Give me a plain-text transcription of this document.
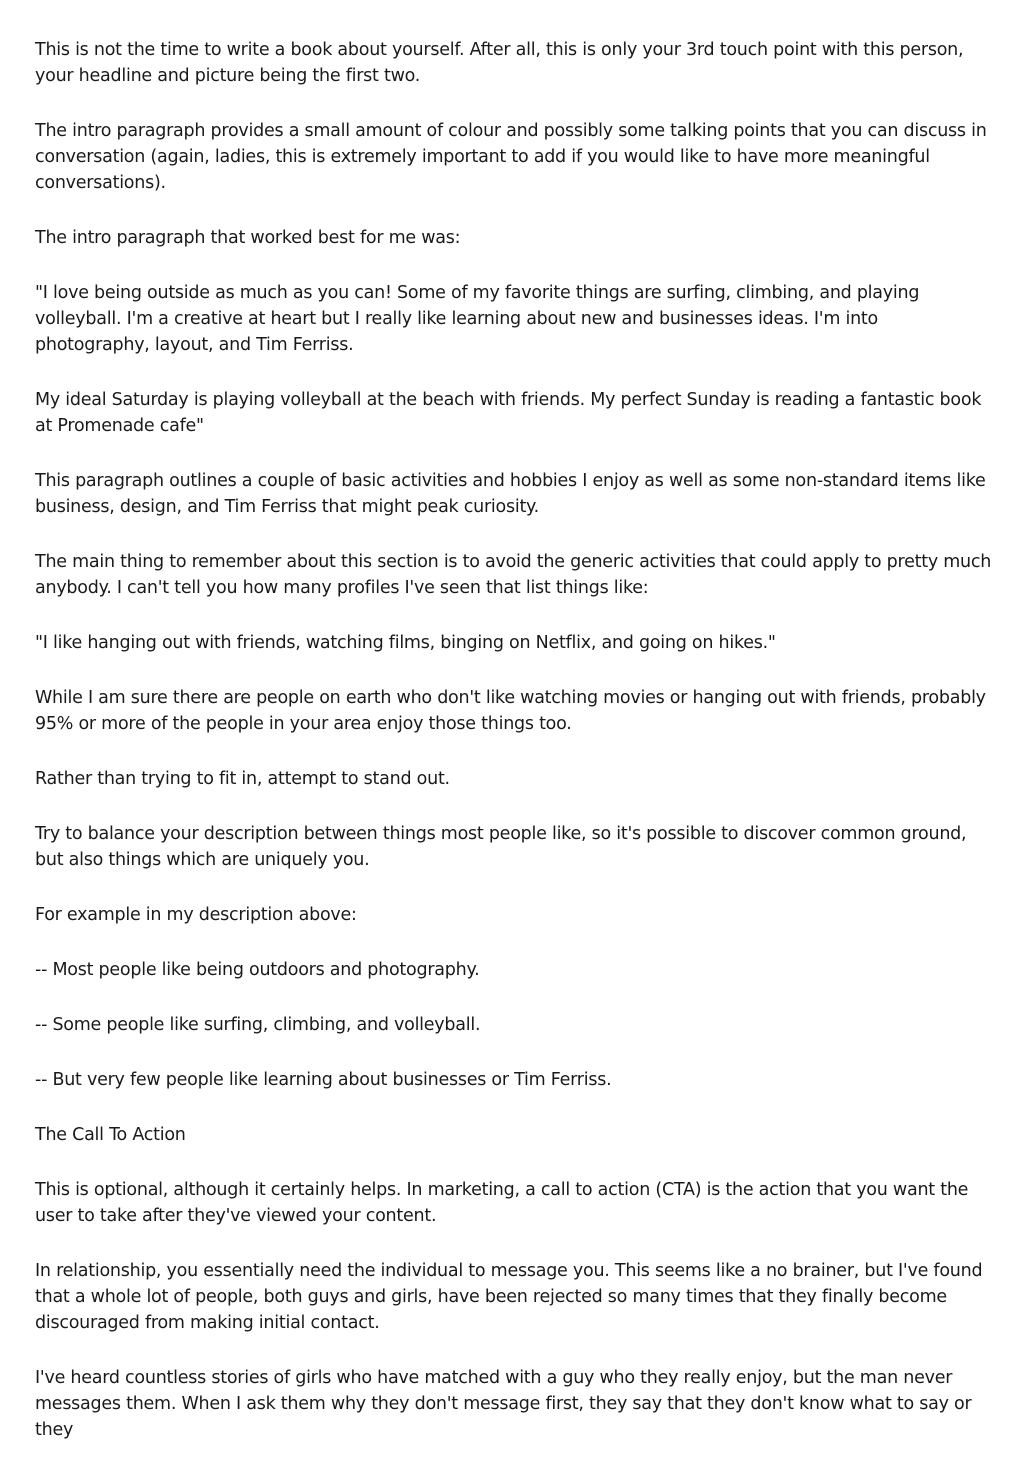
This is not the time to write a book about yourself. After all, this is only your 3rd touch point with this person, your headline and picture being the first two.

The intro paragraph provides a small amount of colour and possibly some talking points that you can discuss in conversation (again, ladies, this is extremely important to add if you would like to have more meaningful conversations).

The intro paragraph that worked best for me was:

"I love being outside as much as you can! Some of my favorite things are surfing, climbing, and playing volleyball. I'm a creative at heart but I really like learning about new and businesses ideas. I'm into photography, layout, and Tim Ferriss.

My ideal Saturday is playing volleyball at the beach with friends. My perfect Sunday is reading a fantastic book at Promenade cafe"

This paragraph outlines a couple of basic activities and hobbies I enjoy as well as some non-standard items like business, design, and Tim Ferriss that might peak curiosity.

The main thing to remember about this section is to avoid the generic activities that could apply to pretty much anybody. I can't tell you how many profiles I've seen that list things like:

"I like hanging out with friends, watching films, binging on Netflix, and going on hikes."

While I am sure there are people on earth who don't like watching movies or hanging out with friends, probably 95% or more of the people in your area enjoy those things too.

Rather than trying to fit in, attempt to stand out.

Try to balance your description between things most people like, so it's possible to discover common ground, but also things which are uniquely you.

For example in my description above:

-- Most people like being outdoors and photography.

-- Some people like surfing, climbing, and volleyball.

-- But very few people like learning about businesses or Tim Ferriss.

The Call To Action

This is optional, although it certainly helps. In marketing, a call to action (CTA) is the action that you want the user to take after they've viewed your content.

In relationship, you essentially need the individual to message you. This seems like a no brainer, but I've found that a whole lot of people, both guys and girls, have been rejected so many times that they finally become discouraged from making initial contact.

I've heard countless stories of girls who have matched with a guy who they really enjoy, but the man never messages them. When I ask them why they don't message first, they say that they don't know what to say or they
